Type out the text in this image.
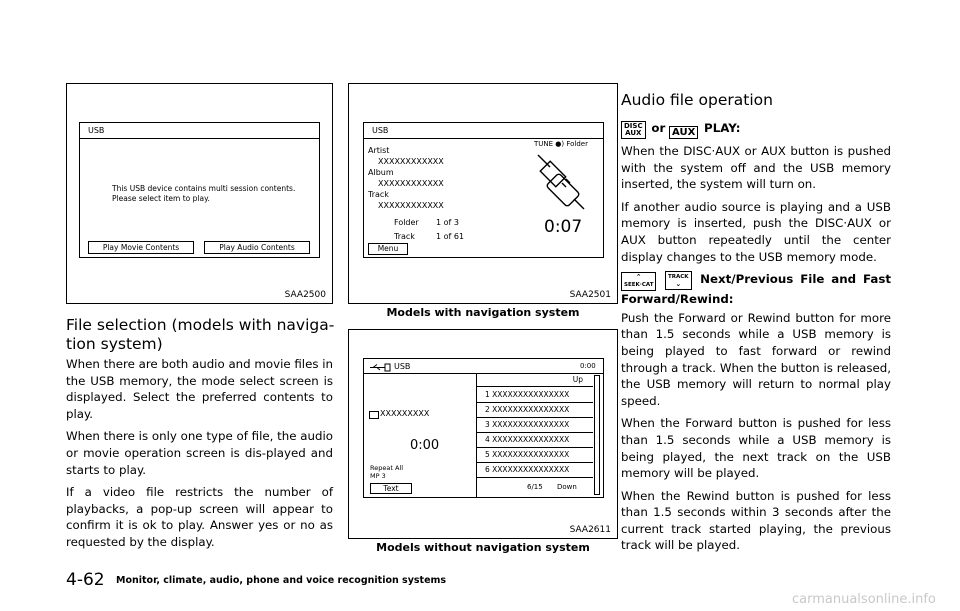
USB
This USB device contains multi session contents.
Please select item to play.
Play Movie Contents	Play Audio Contents
SAA2500
USB
TUNE ●) Folder
Artist
XXXXXXXXXXXX
Album
XXXXXXXXXXXX
Track
XXXXXXXXXXXX
Folder 1 of 3
Track	1 of 61	0:07
Menu
SAA2501
Models with navigation system
USB	0:00
XXXXXXXXX
0:00
Repeat All
MP 3
Text
Up
1 XXXXXXXXXXXXXXX
2 XXXXXXXXXXXXXXX
3 XXXXXXXXXXXXXXX
4 XXXXXXXXXXXXXXX
5 XXXXXXXXXXXXXXX
6 XXXXXXXXXXXXXXX
6/15 Down
SAA2611
Models without navigation system
File selection (models with naviga-
tion system)

When there are both audio and movie files in the USB memory, the mode select screen is displayed. Select the preferred contents to play.

When there is only one type of file, the audio or movie operation screen is dis-played and starts to play.

If a video file restricts the number of playbacks, a pop-up screen will appear to confirm it is ok to play. Answer yes or no as requested by the display.

Audio file operation

DISC
AUX or AUX PLAY:

When the DISC·AUX or AUX button is pushed with the system off and the USB memory inserted, the system will turn on.

If another audio source is playing and a USB memory is inserted, push the DISC·AUX or AUX button repeatedly until the center display changes to the USB memory mode.

⌃
SEEK·CAT TRACK
⌄ Next/Previous File and Fast Forward/Rewind:

Push the Forward or Rewind button for more than 1.5 seconds while a USB memory is being played to fast forward or rewind through a track. When the button is released, the USB memory will return to normal play speed.

When the Forward button is pushed for less than 1.5 seconds while a USB memory is being played, the next track on the USB memory will be played.

When the Rewind button is pushed for less than 1.5 seconds within 3 seconds after the current track started playing, the previous track will be played.

4-62 Monitor, climate, audio, phone and voice recognition systems
carmanualsonline.info
